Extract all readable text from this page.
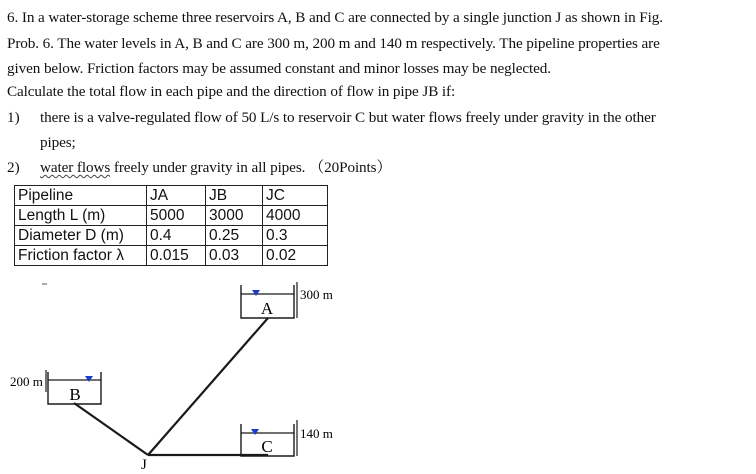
6. In a water-storage scheme three reservoirs A, B and C are connected by a single junction J as shown in Fig.
Prob. 6. The water levels in A, B and C are 300 m, 200 m and 140 m respectively. The pipeline properties are
given below. Friction factors may be assumed constant and minor losses may be neglected.
Calculate the total flow in each pipe and the direction of flow in pipe JB if:
1) there is a valve-regulated flow of 50 L/s to reservoir C but water flows freely under gravity in the other
pipes;
2) water flows freely under gravity in all pipes. （20Points）
Pipeline	JA	JB	JC
Length L (m)	5000	3000	4000
Diameter D (m)	0.4	0.25	0.3
Friction factor λ	0.015	0.03	0.02
A
300 m
B
200 m
C
140 m
J
